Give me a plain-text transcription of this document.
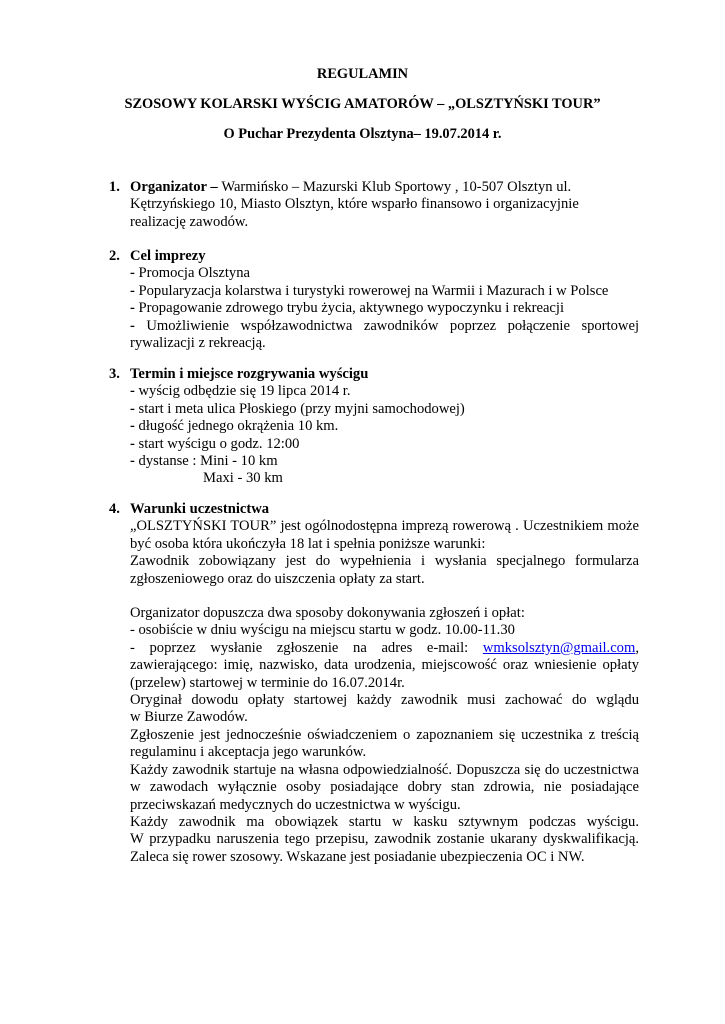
REGULAMIN
SZOSOWY KOLARSKI WYŚCIG AMATORÓW – „OLSZTYŃSKI TOUR”
O Puchar Prezydenta Olsztyna– 19.07.2014 r.
1. Organizator – Warmińsko – Mazurski Klub Sportowy , 10-507 Olsztyn ul.
Kętrzyńskiego 10, Miasto Olsztyn, które wsparło finansowo i organizacyjnie
realizację zawodów.
2. Cel imprezy
- Promocja Olsztyna
- Popularyzacja kolarstwa i turystyki rowerowej na Warmii i Mazurach i w Polsce
- Propagowanie zdrowego trybu życia, aktywnego wypoczynku i rekreacji
- Umożliwienie współzawodnictwa zawodników poprzez połączenie sportowej
rywalizacji z rekreacją.
3. Termin i miejsce rozgrywania wyścigu
- wyścig odbędzie się 19 lipca 2014 r.
- start i meta ulica Płoskiego (przy myjni samochodowej)
- długość jednego okrążenia 10 km.
- start wyścigu o godz. 12:00
- dystanse : Mini - 10 km
Maxi - 30 km
4. Warunki uczestnictwa
„OLSZTYŃSKI TOUR” jest ogólnodostępna imprezą rowerową . Uczestnikiem może
być osoba która ukończyła 18 lat i spełnia poniższe warunki:
Zawodnik zobowiązany jest do wypełnienia i wysłania specjalnego formularza
zgłoszeniowego oraz do uiszczenia opłaty za start.
Organizator dopuszcza dwa sposoby dokonywania zgłoszeń i opłat:
- osobiście w dniu wyścigu na miejscu startu w godz. 10.00-11.30
- poprzez wysłanie zgłoszenie na adres e-mail: wmksolsztyn@gmail.com,
zawierającego: imię, nazwisko, data urodzenia, miejscowość oraz wniesienie opłaty
(przelew) startowej w terminie do 16.07.2014r.
Oryginał dowodu opłaty startowej każdy zawodnik musi zachować do wglądu
w Biurze Zawodów.
Zgłoszenie jest jednocześnie oświadczeniem o zapoznaniem się uczestnika z treścią
regulaminu i akceptacja jego warunków.
Każdy zawodnik startuje na własna odpowiedzialność. Dopuszcza się do uczestnictwa
w zawodach wyłącznie osoby posiadające dobry stan zdrowia, nie posiadające
przeciwskazań medycznych do uczestnictwa w wyścigu.
Każdy zawodnik ma obowiązek startu w kasku sztywnym podczas wyścigu.
W przypadku naruszenia tego przepisu, zawodnik zostanie ukarany dyskwalifikacją.
Zaleca się rower szosowy. Wskazane jest posiadanie ubezpieczenia OC i NW.
